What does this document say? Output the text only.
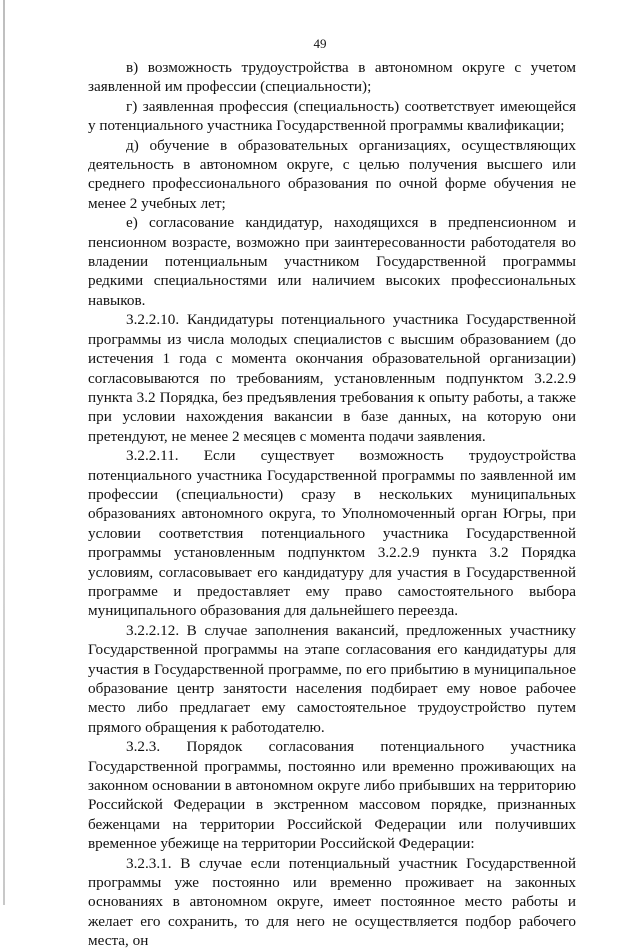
49

в) возможность трудоустройства в автономном округе с учетом заявленной им профессии (специальности);

г) заявленная профессия (специальность) соответствует имеющейся у потенциального участника Государственной программы квалификации;

д) обучение в образовательных организациях, осуществляющих деятельность в автономном округе, с целью получения высшего или среднего профессионального образования по очной форме обучения не менее 2 учебных лет;

е) согласование кандидатур, находящихся в предпенсионном и пенсионном возрасте, возможно при заинтересованности работодателя во владении потенциальным участником Государственной программы редкими специальностями или наличием высоких профессиональных навыков.

3.2.2.10. Кандидатуры потенциального участника Государственной программы из числа молодых специалистов с высшим образованием (до истечения 1 года с момента окончания образовательной организации) согласовываются по требованиям, установленным подпунктом 3.2.2.9 пункта 3.2 Порядка, без предъявления требования к опыту работы, а также при условии нахождения вакансии в базе данных, на которую они претендуют, не менее 2 месяцев с момента подачи заявления.

3.2.2.11. Если существует возможность трудоустройства потенциального участника Государственной программы по заявленной им профессии (специальности) сразу в нескольких муниципальных образованиях автономного округа, то Уполномоченный орган Югры, при условии соответствия потенциального участника Государственной программы установленным подпунктом 3.2.2.9 пункта 3.2 Порядка условиям, согласовывает его кандидатуру для участия в Государственной программе и предоставляет ему право самостоятельного выбора муниципального образования для дальнейшего переезда.

3.2.2.12. В случае заполнения вакансий, предложенных участнику Государственной программы на этапе согласования его кандидатуры для участия в Государственной программе, по его прибытию в муниципальное образование центр занятости населения подбирает ему новое рабочее место либо предлагает ему самостоятельное трудоустройство путем прямого обращения к работодателю.

3.2.3. Порядок согласования потенциального участника Государственной программы, постоянно или временно проживающих на законном основании в автономном округе либо прибывших на территорию Российской Федерации в экстренном массовом порядке, признанных беженцами на территории Российской Федерации или получивших временное убежище на территории Российской Федерации:

3.2.3.1. В случае если потенциальный участник Государственной программы уже постоянно или временно проживает на законных основаниях в автономном округе, имеет постоянное место работы и желает его сохранить, то для него не осуществляется подбор рабочего места, он
